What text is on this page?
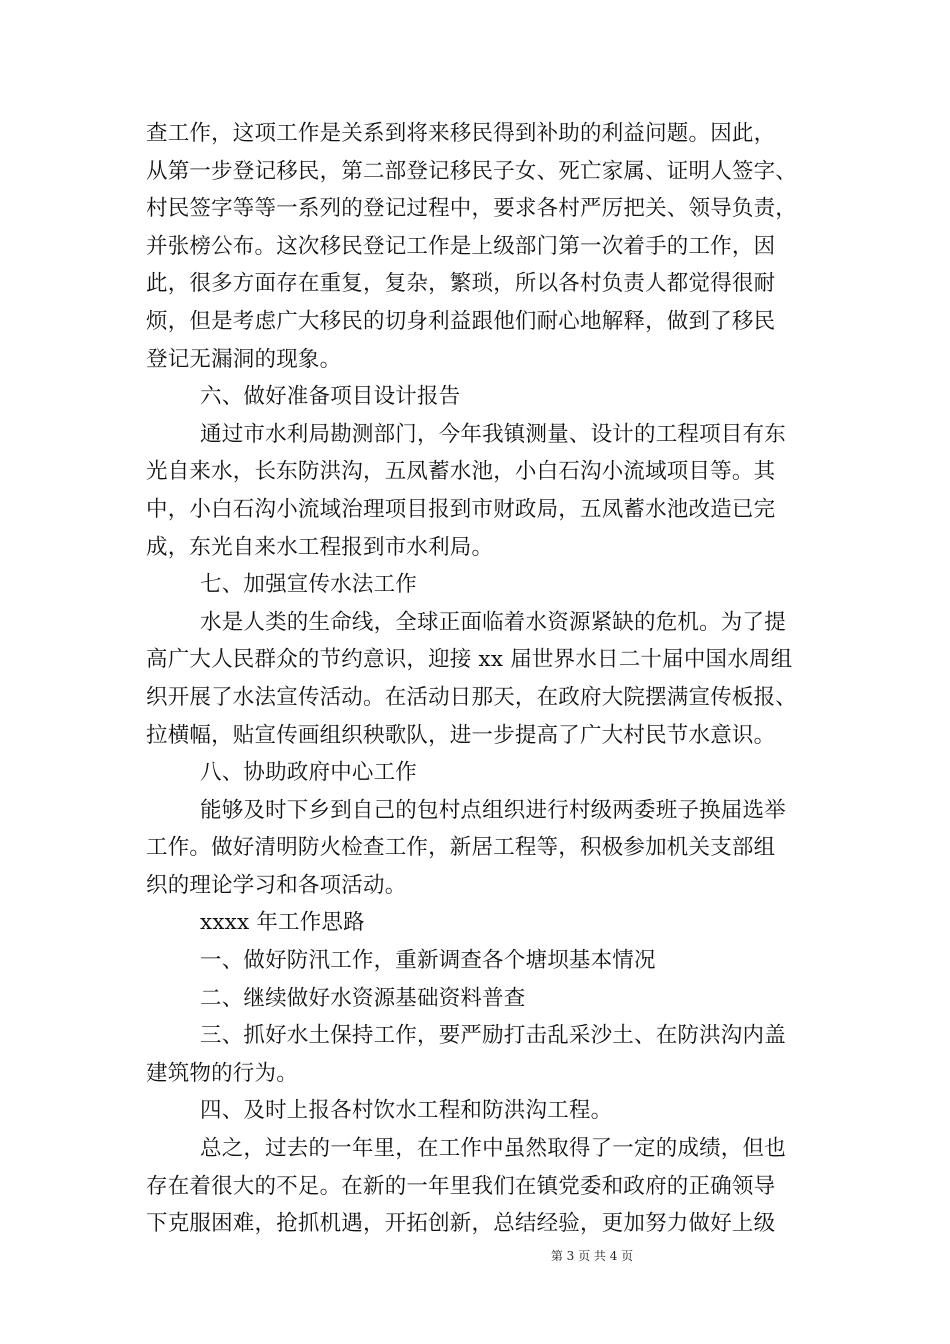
查工作，这项工作是关系到将来移民得到补助的利益问题。因此，
从第一步登记移民，第二部登记移民子女、死亡家属、证明人签字、
村民签字等等一系列的登记过程中，要求各村严厉把关、领导负责，
并张榜公布。这次移民登记工作是上级部门第一次着手的工作，因
此，很多方面存在重复，复杂，繁琐，所以各村负责人都觉得很耐
烦，但是考虑广大移民的切身利益跟他们耐心地解释，做到了移民
登记无漏洞的现象。
六、做好准备项目设计报告
通过市水利局勘测部门，今年我镇测量、设计的工程项目有东
光自来水，长东防洪沟，五凤蓄水池，小白石沟小流域项目等。其
中，小白石沟小流域治理项目报到市财政局，五凤蓄水池改造已完
成，东光自来水工程报到市水利局。
七、加强宣传水法工作
水是人类的生命线，全球正面临着水资源紧缺的危机。为了提
高广大人民群众的节约意识，迎接 xx 届世界水日二十届中国水周组
织开展了水法宣传活动。在活动日那天，在政府大院摆满宣传板报、
拉横幅，贴宣传画组织秧歌队，进一步提高了广大村民节水意识。
八、协助政府中心工作
能够及时下乡到自己的包村点组织进行村级两委班子换届选举
工作。做好清明防火检查工作，新居工程等，积极参加机关支部组
织的理论学习和各项活动。
xxxx 年工作思路
一、做好防汛工作，重新调查各个塘坝基本情况
二、继续做好水资源基础资料普查
三、抓好水土保持工作，要严励打击乱采沙土、在防洪沟内盖
建筑物的行为。
四、及时上报各村饮水工程和防洪沟工程。
总之，过去的一年里，在工作中虽然取得了一定的成绩，但也
存在着很大的不足。在新的一年里我们在镇党委和政府的正确领导
下克服困难，抢抓机遇，开拓创新，总结经验，更加努力做好上级
第 3 页 共 4 页
